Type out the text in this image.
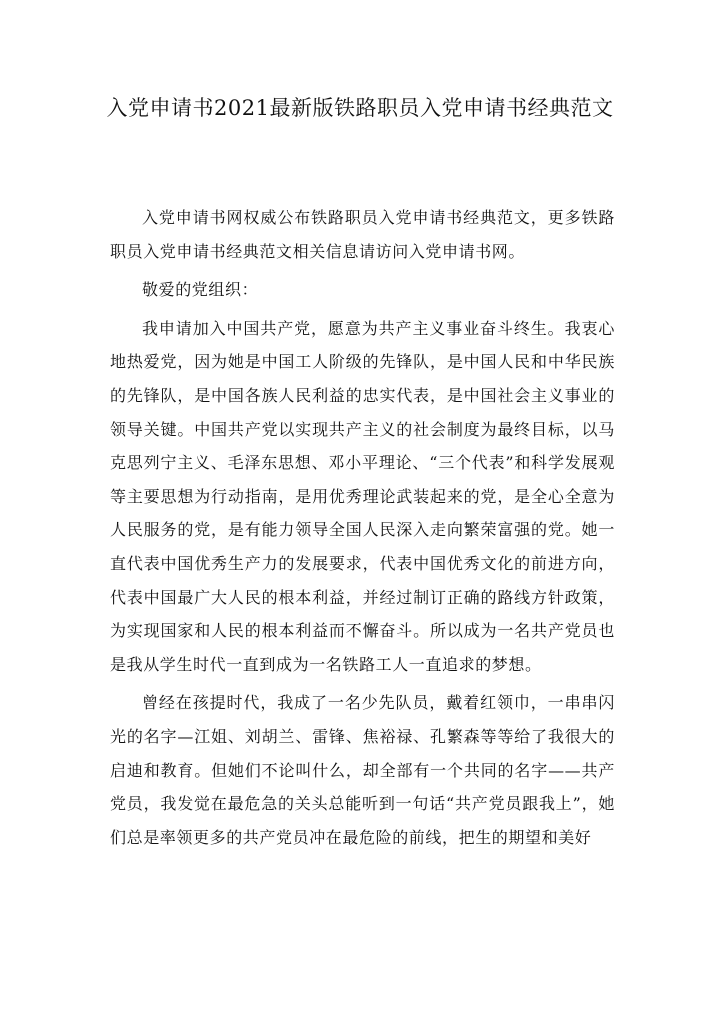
入党申请书2021最新版铁路职员入党申请书经典范文

入党申请书网权威公布铁路职员入党申请书经典范文，更多铁路职员入党申请书经典范文相关信息请访问入党申请书网。

敬爱的党组织：

我申请加入中国共产党，愿意为共产主义事业奋斗终生。我衷心地热爱党，因为她是中国工人阶级的先锋队，是中国人民和中华民族的先锋队，是中国各族人民利益的忠实代表，是中国社会主义事业的领导关键。中国共产党以实现共产主义的社会制度为最终目标，以马克思列宁主义、毛泽东思想、邓小平理论、“三个代表”和科学发展观等主要思想为行动指南，是用优秀理论武装起来的党，是全心全意为人民服务的党，是有能力领导全国人民深入走向繁荣富强的党。她一直代表中国优秀生产力的发展要求，代表中国优秀文化的前进方向，代表中国最广大人民的根本利益，并经过制订正确的路线方针政策，为实现国家和人民的根本利益而不懈奋斗。所以成为一名共产党员也是我从学生时代一直到成为一名铁路工人一直追求的梦想。

曾经在孩提时代，我成了一名少先队员，戴着红领巾，一串串闪光的名字—江姐、刘胡兰、雷锋、焦裕禄、孔繁森等等给了我很大的启迪和教育。但她们不论叫什么，却全部有一个共同的名字——共产党员，我发觉在最危急的关头总能听到一句话“共产党员跟我上”，她们总是率领更多的共产党员冲在最危险的前线，把生的期望和美好
